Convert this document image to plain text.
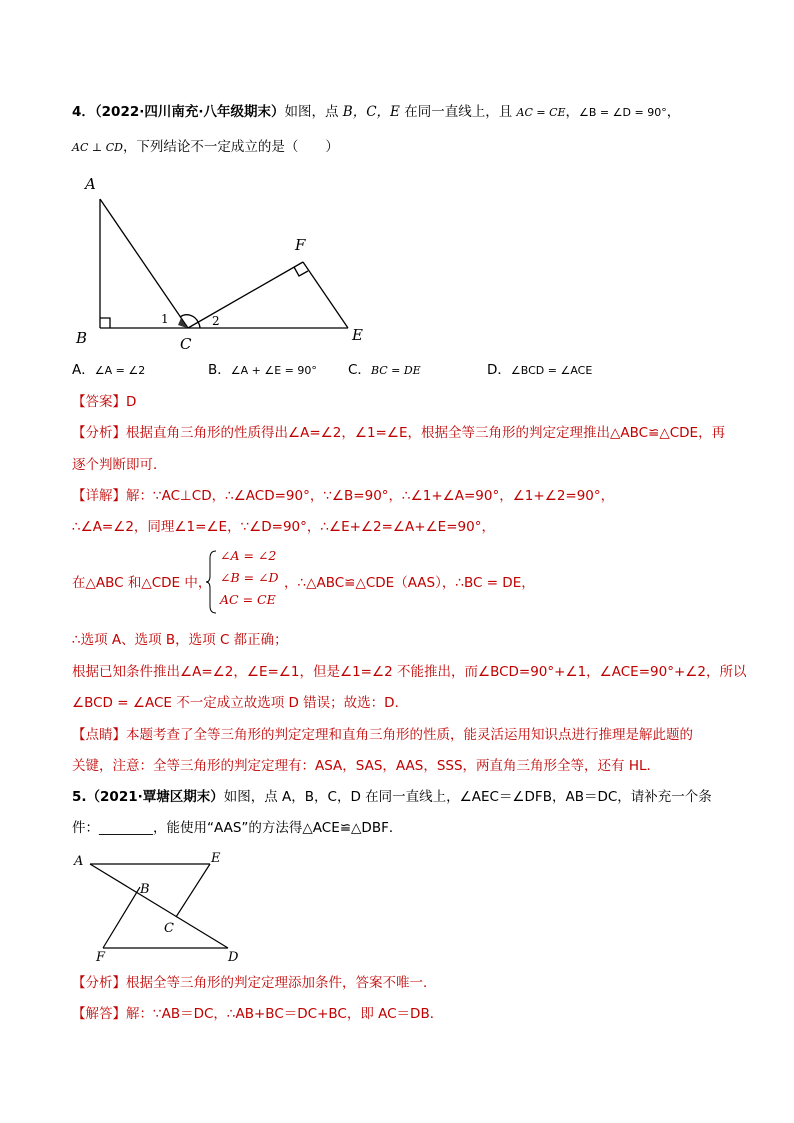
4．（2022·四川南充·八年级期末）如图，点 B，C，E 在同一直线上，且 AC = CE，∠B = ∠D = 90°，
AC ⊥ CD，下列结论不一定成立的是（　　）
A
B	C	E
F
1	2
A．∠A = ∠2	B．∠A + ∠E = 90° C．BC = DE	D．∠BCD = ∠ACE
【答案】D
【分析】根据直角三角形的性质得出∠A=∠2，∠1=∠E，根据全等三角形的判定定理推出△ABC≌△CDE，再
逐个判断即可．
【详解】解：∵AC⊥CD，∴∠ACD=90°，∵∠B=90°，∴∠1+∠A=90°，∠1+∠2=90°，
∴∠A=∠2，同理∠1=∠E，∵∠D=90°，∴∠E+∠2=∠A+∠E=90°，
在△ABC 和△CDE 中，
∠A = ∠2
∠B = ∠D
AC = CE
，∴△ABC≌△CDE（AAS），∴BC = DE，
∴选项 A、选项 B，选项 C 都正确；
根据已知条件推出∠A=∠2，∠E=∠1，但是∠1=∠2 不能推出，而∠BCD=90°+∠1，∠ACE=90°+∠2，所以
∠BCD = ∠ACE 不一定成立故选项 D 错误；故选：D．
【点睛】本题考查了全等三角形的判定定理和直角三角形的性质，能灵活运用知识点进行推理是解此题的
关键，注意：全等三角形的判定定理有：ASA，SAS，AAS，SSS，两直角三角形全等，还有 HL．
5.（2021·覃塘区期末）如图，点 A，B，C，D 在同一直线上，∠AEC＝∠DFB，AB＝DC，请补充一个条
件：________，能使用“AAS”的方法得△ACE≌△DBF．
A
B
C
D
E
F
【分析】根据全等三角形的判定定理添加条件，答案不唯一．
【解答】解：∵AB＝DC，∴AB+BC＝DC+BC，即 AC＝DB．
